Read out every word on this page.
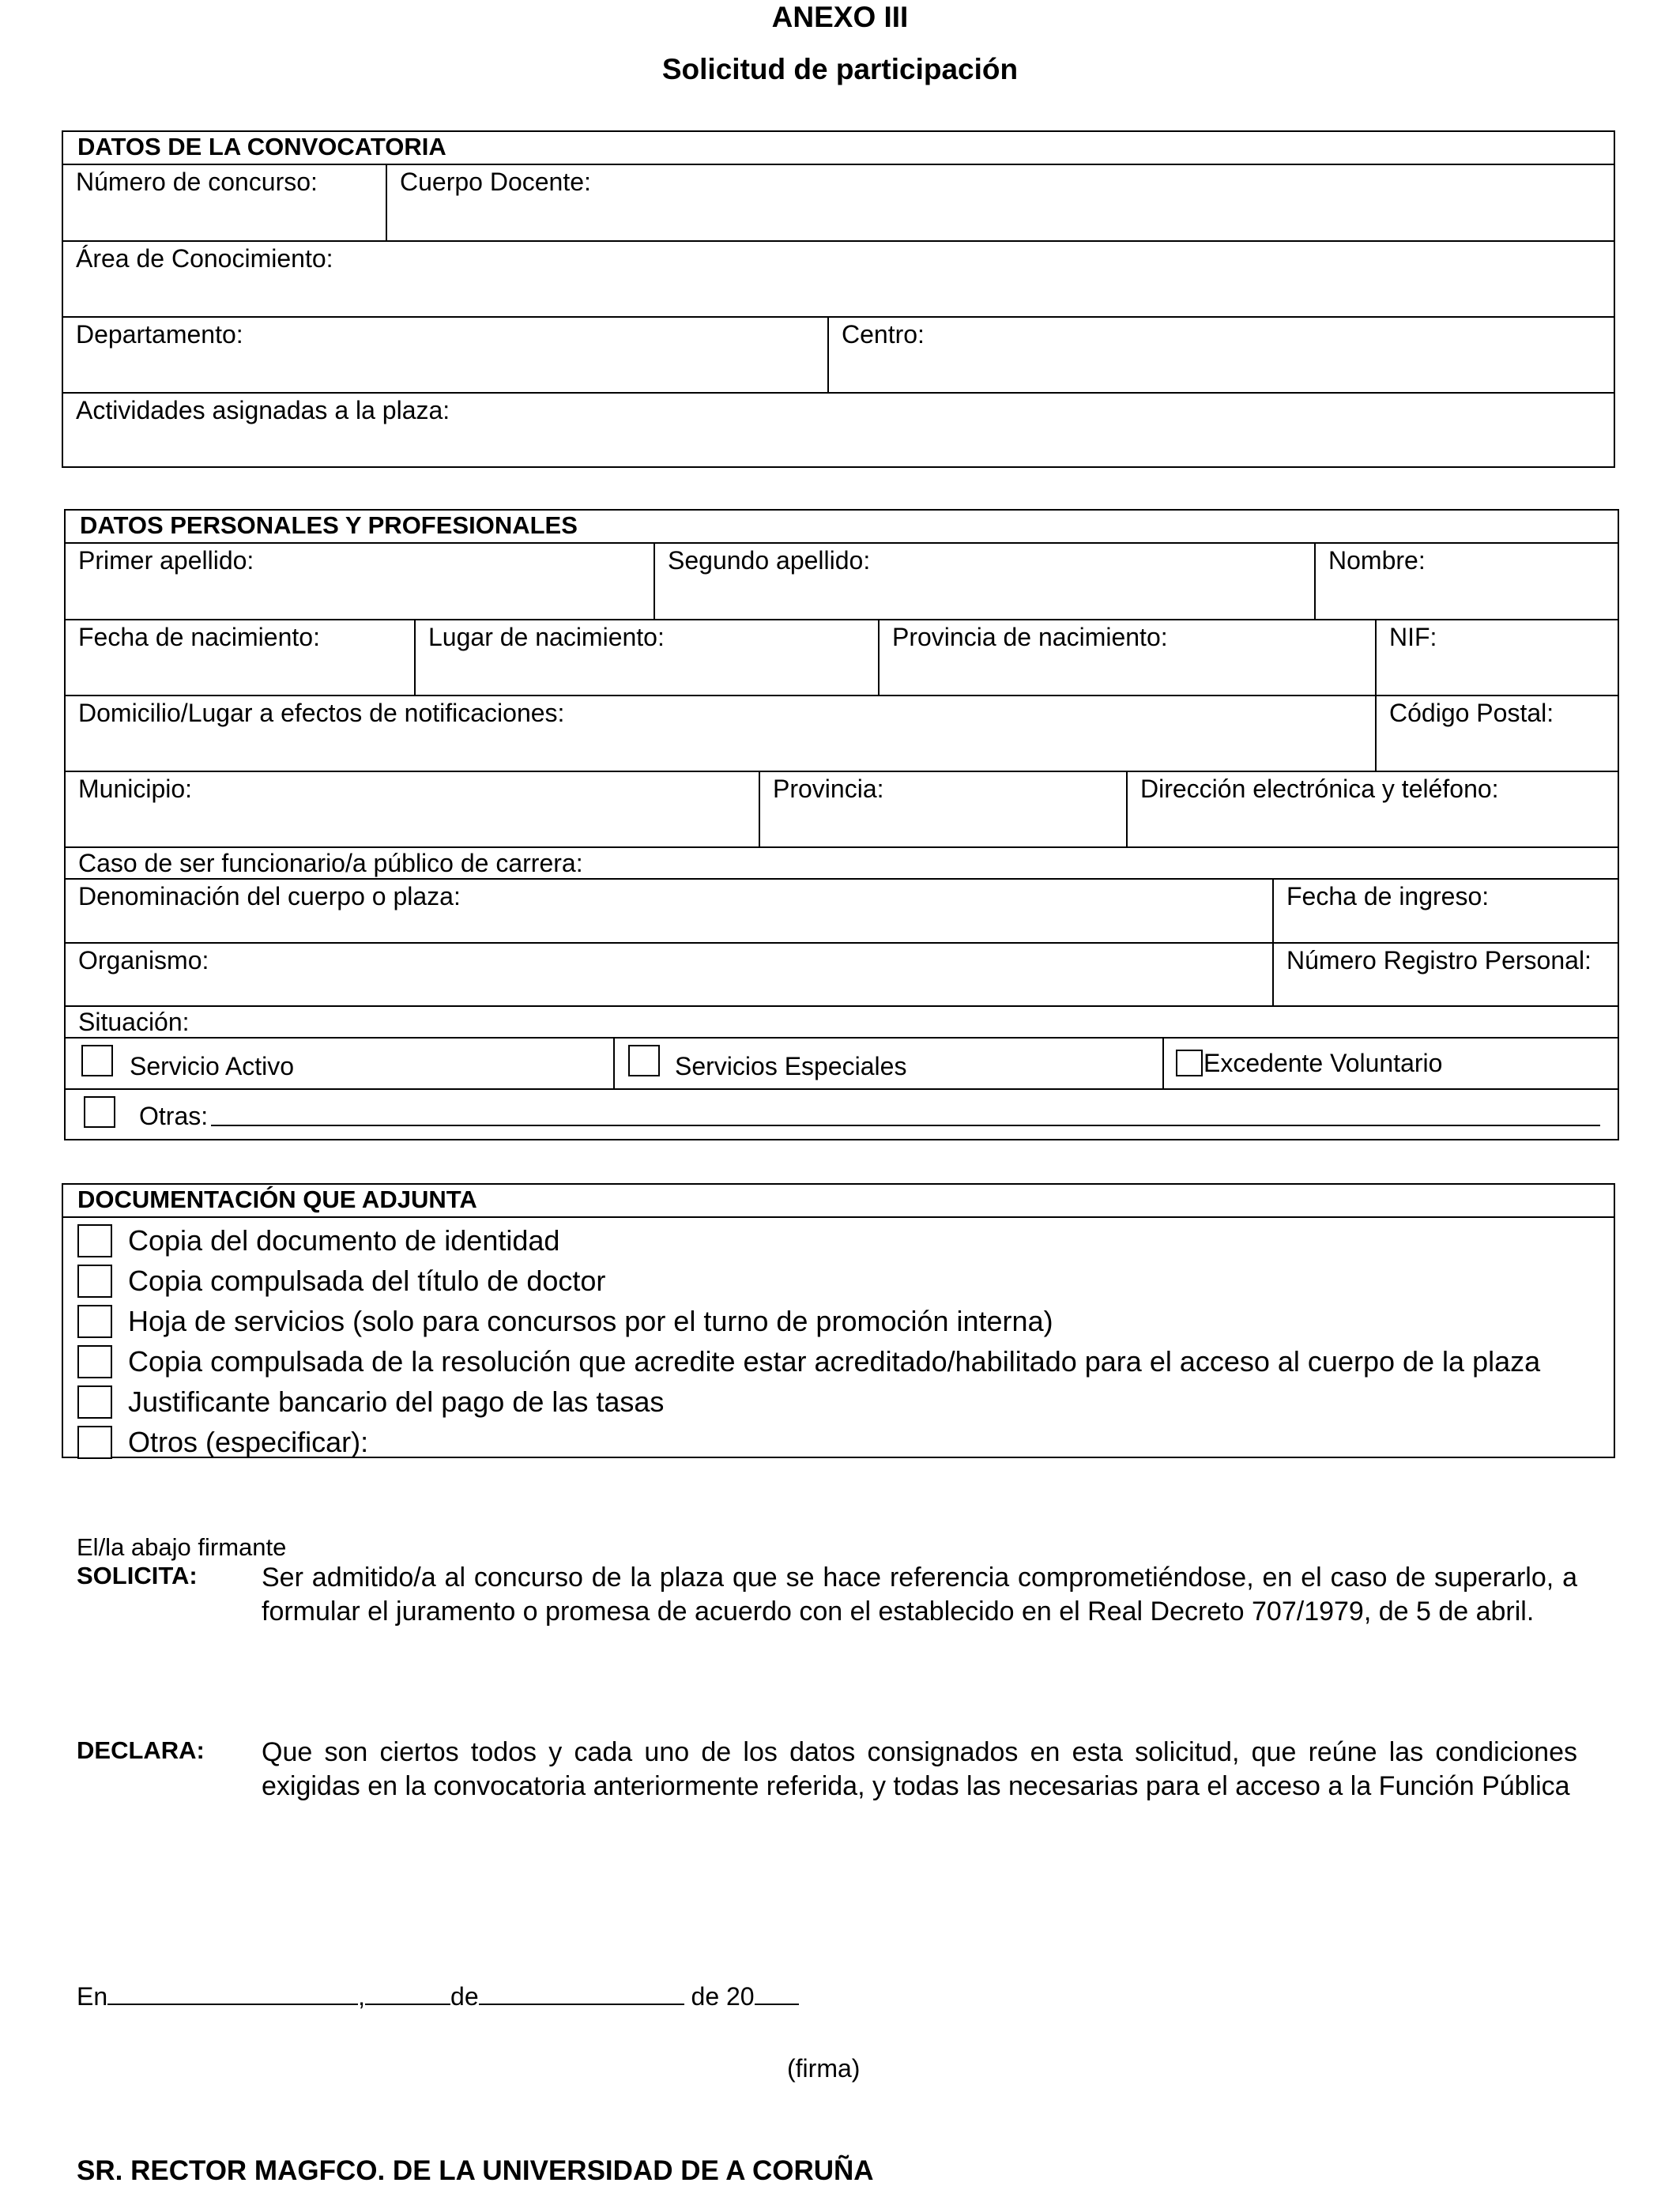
ANEXO III
Solicitud de participación
DATOS DE LA CONVOCATORIA
Número de concurso:	Cuerpo Docente:
Área de Conocimiento:
Departamento:	Centro:
Actividades asignadas a la plaza:
DATOS PERSONALES Y PROFESIONALES
Primer apellido:	Segundo apellido:	Nombre:
Fecha de nacimiento:	Lugar de nacimiento:	Provincia de nacimiento:	NIF:
Domicilio/Lugar a efectos de notificaciones:	Código Postal:
Municipio:	Provincia:	Dirección electrónica y teléfono:
Caso de ser funcionario/a público de carrera:
Denominación del cuerpo o plaza:	Fecha de ingreso:
Organismo:	Número Registro Personal:
Situación:
Servicio Activo	Servicios Especiales	Excedente Voluntario
Otras:
DOCUMENTACIÓN QUE ADJUNTA
Copia del documento de identidad
Copia compulsada del título de doctor
Hoja de servicios (solo para concursos por el turno de promoción interna)
Copia compulsada de la resolución que acredite estar acreditado/habilitado para el acceso al cuerpo de la plaza
Justificante bancario del pago de las tasas
Otros (especificar):
El/la abajo firmante
SOLICITA: Ser admitido/a al concurso de la plaza que se hace referencia comprometiéndose, en el caso de superarlo, a formular el juramento o promesa de acuerdo con el establecido en el Real Decreto 707/1979, de 5 de abril.
DECLARA: Que son ciertos todos y cada uno de los datos consignados en esta solicitud, que reúne las condiciones exigidas en la convocatoria anteriormente referida, y todas las necesarias para el acceso a la Función Pública
En	,	de	de 20
(firma)
SR. RECTOR MAGFCO. DE LA UNIVERSIDAD DE A CORUÑA
